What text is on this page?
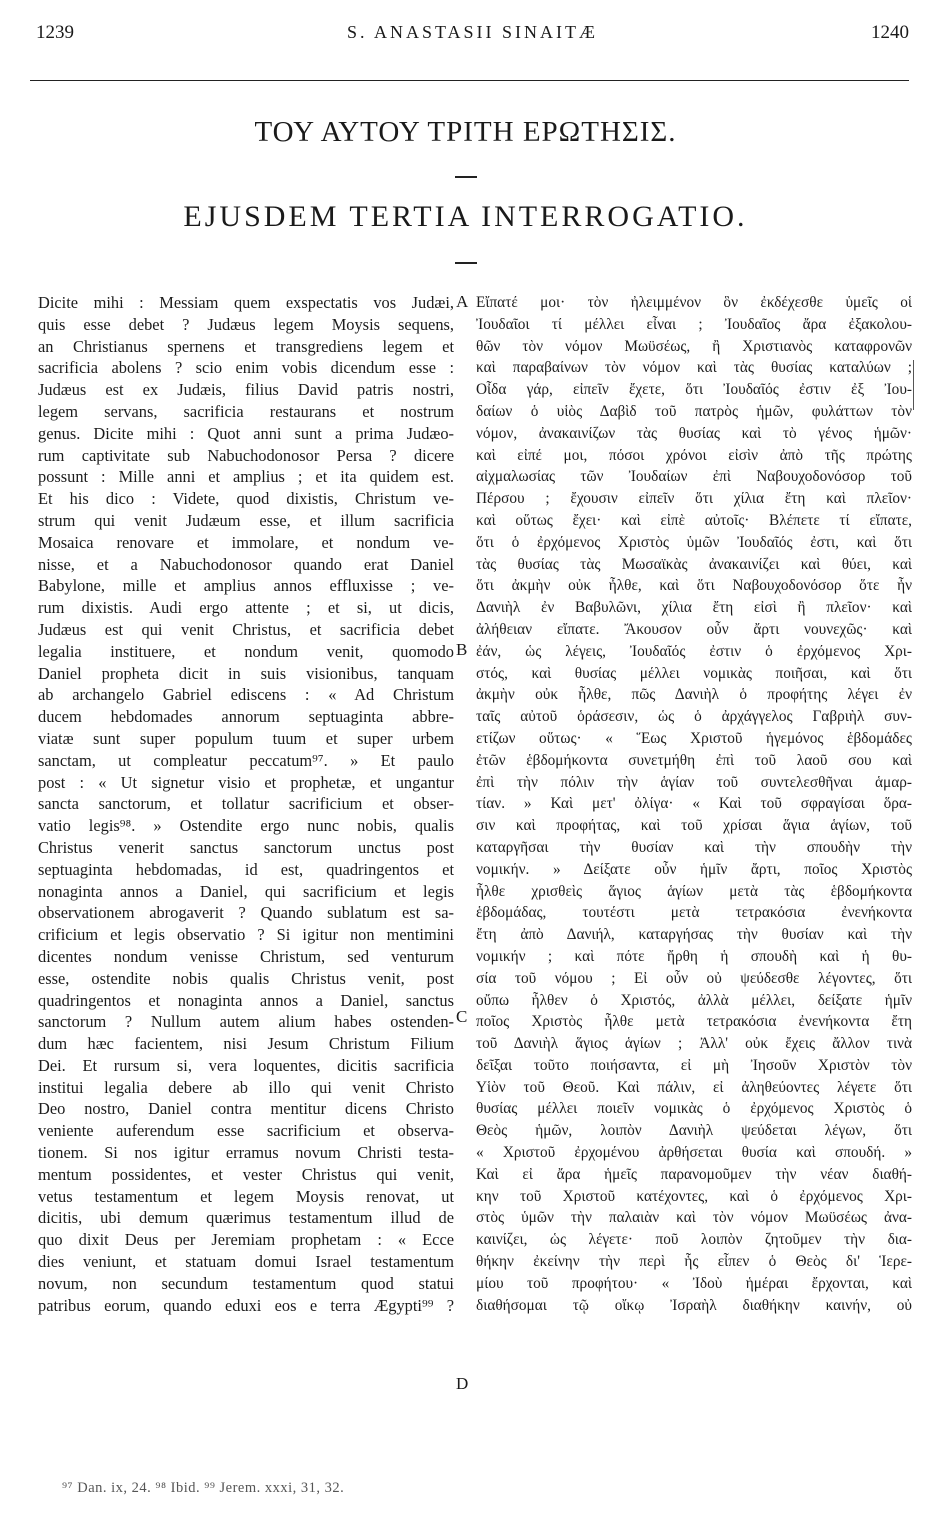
1239	S. ANASTASII SINAITÆ	1240
ΤΟΥ ΑΥΤΟΥ ΤΡΙΤΗ ΕΡΩΤΗΣΙΣ.
EJUSDEM TERTIA INTERROGATIO.
Dicite mihi : Messiam quem exspectatis vos Judæi,
quis esse debet ? Judæus legem Moysis sequens,
an Christianus spernens et transgrediens legem et
sacrificia abolens ? scio enim vobis dicendum esse :
Judæus est ex Judæis, filius David patris nostri,
legem servans, sacrificia restaurans et nostrum
genus. Dicite mihi : Quot anni sunt a prima Judæo-
rum captivitate sub Nabuchodonosor Persa ? dicere
possunt : Mille anni et amplius ; et ita quidem est.
Et his dico : Videte, quod dixistis, Christum ve-
strum qui venit Judæum esse, et illum sacrificia
Mosaica renovare et immolare, et nondum ve-
nisse, et a Nabuchodonosor quando erat Daniel
Babylone, mille et amplius annos effluxisse ; ve-
rum dixistis. Audi ergo attente ; et si, ut dicis,
Judæus est qui venit Christus, et sacrificia debet
legalia instituere, et nondum venit, quomodo
Daniel propheta dicit in suis visionibus, tanquam
ab archangelo Gabriel ediscens : « Ad Christum
ducem hebdomades annorum septuaginta abbre-
viatæ sunt super populum tuum et super urbem
sanctam, ut compleatur peccatum⁹⁷. » Et paulo
post : « Ut signetur visio et prophetæ, et ungantur
sancta sanctorum, et tollatur sacrificium et obser-
vatio legis⁹⁸. » Ostendite ergo nunc nobis, qualis
Christus venerit sanctus sanctorum unctus post
septuaginta hebdomadas, id est, quadringentos et
nonaginta annos a Daniel, qui sacrificium et legis
observationem abrogaverit ? Quando sublatum est sa-
crificium et legis observatio ? Si igitur non mentimini
dicentes nondum venisse Christum, sed venturum
esse, ostendite nobis qualis Christus venit, post
quadringentos et nonaginta annos a Daniel, sanctus
sanctorum ? Nullum autem alium habes ostenden-
dum hæc facientem, nisi Jesum Christum Filium
Dei. Et rursum si, vera loquentes, dicitis sacrificia
institui legalia debere ab illo qui venit Christo
Deo nostro, Daniel contra mentitur dicens Christo
veniente auferendum esse sacrificium et observa-
tionem. Si nos igitur erramus novum Christi testa-
mentum possidentes, et vester Christus qui venit,
vetus testamentum et legem Moysis renovat, ut
dicitis, ubi demum quærimus testamentum illud de
quo dixit Deus per Jeremiam prophetam : « Ecce
dies veniunt, et statuam domui Israel testamentum
novum, non secundum testamentum quod statui
patribus eorum, quando eduxi eos e terra Ægypti⁹⁹ ?
Εἴπατέ μοι· τὸν ἠλειμμένον ὃν ἐκδέχεσθε ὑμεῖς οἱ
Ἰουδαῖοι τί μέλλει εἶναι ; Ἰουδαῖος ἄρα ἐξακολου-
θῶν τὸν νόμον Μωϋσέως, ἢ Χριστιανὸς καταφρονῶν
καὶ παραβαίνων τὸν νόμον καὶ τὰς θυσίας καταλύων ;
Οἶδα γάρ, εἰπεῖν ἔχετε, ὅτι Ἰουδαῖός ἐστιν ἐξ Ἰου-
δαίων ὁ υἱὸς Δαβὶδ τοῦ πατρὸς ἡμῶν, φυλάττων τὸν
νόμον, ἀνακαινίζων τὰς θυσίας καὶ τὸ γένος ἡμῶν·
καὶ εἰπέ μοι, πόσοι χρόνοι εἰσὶν ἀπὸ τῆς πρώτης
αἰχμαλωσίας τῶν Ἰουδαίων ἐπὶ Ναβουχοδονόσορ τοῦ
Πέρσου ; ἔχουσιν εἰπεῖν ὅτι χίλια ἔτη καὶ πλεῖον·
καὶ οὕτως ἔχει· καὶ εἰπὲ αὐτοῖς· Βλέπετε τί εἴπατε,
ὅτι ὁ ἐρχόμενος Χριστὸς ὑμῶν Ἰουδαῖός ἐστι, καὶ ὅτι
τὰς θυσίας τὰς Μωσαϊκὰς ἀνακαινίζει καὶ θύει, καὶ
ὅτι ἀκμὴν οὐκ ἦλθε, καὶ ὅτι Ναβουχοδονόσορ ὅτε ἦν
Δανιὴλ ἐν Βαβυλῶνι, χίλια ἔτη εἰσὶ ἢ πλεῖον· καὶ
ἀλήθειαν εἴπατε. Ἄκουσον οὖν ἄρτι νουνεχῶς· καὶ
ἐάν, ὡς λέγεις, Ἰουδαῖός ἐστιν ὁ ἐρχόμενος Χρι-
στός, καὶ θυσίας μέλλει νομικὰς ποιῆσαι, καὶ ὅτι
ἀκμὴν οὐκ ἦλθε, πῶς Δανιὴλ ὁ προφήτης λέγει ἐν
ταῖς αὐτοῦ ὁράσεσιν, ὡς ὁ ἀρχάγγελος Γαβριὴλ συν-
ετίζων οὕτως· « Ἕως Χριστοῦ ἡγεμόνος ἑβδομάδες
ἐτῶν ἑβδομήκοντα συνετμήθη ἐπὶ τοῦ λαοῦ σου καὶ
ἐπὶ τὴν πόλιν τὴν ἁγίαν τοῦ συντελεσθῆναι ἁμαρ-
τίαν. » Καὶ μετ' ὀλίγα· « Καὶ τοῦ σφραγίσαι ὅρα-
σιν καὶ προφήτας, καὶ τοῦ χρίσαι ἅγια ἁγίων, τοῦ
καταργῆσαι τὴν θυσίαν καὶ τὴν σπουδὴν τὴν
νομικήν. » Δείξατε οὖν ἡμῖν ἄρτι, ποῖος Χριστὸς
ἦλθε χρισθεὶς ἅγιος ἁγίων μετὰ τὰς ἑβδομήκοντα
ἑβδομάδας, τουτέστι μετὰ τετρακόσια ἐνενήκοντα
ἔτη ἀπὸ Δανιήλ, καταργήσας τὴν θυσίαν καὶ τὴν
νομικήν ; καὶ πότε ἤρθη ἡ σπουδὴ καὶ ἡ θυ-
σία τοῦ νόμου ; Εἰ οὖν οὐ ψεύδεσθε λέγοντες, ὅτι
οὔπω ἦλθεν ὁ Χριστός, ἀλλὰ μέλλει, δείξατε ἡμῖν
ποῖος Χριστὸς ἦλθε μετὰ τετρακόσια ἐνενήκοντα ἔτη
τοῦ Δανιὴλ ἅγιος ἁγίων ; Ἀλλ' οὐκ ἔχεις ἄλλον τινὰ
δεῖξαι τοῦτο ποιήσαντα, εἰ μὴ Ἰησοῦν Χριστὸν τὸν
Υἱὸν τοῦ Θεοῦ. Καὶ πάλιν, εἰ ἀληθεύοντες λέγετε ὅτι
θυσίας μέλλει ποιεῖν νομικὰς ὁ ἐρχόμενος Χριστὸς ὁ
Θεὸς ἡμῶν, λοιπὸν Δανιὴλ ψεύδεται λέγων, ὅτι
« Χριστοῦ ἐρχομένου ἀρθήσεται θυσία καὶ σπουδή. »
Καὶ εἰ ἄρα ἡμεῖς παρανομοῦμεν τὴν νέαν διαθή-
κην τοῦ Χριστοῦ κατέχοντες, καὶ ὁ ἐρχόμενος Χρι-
στὸς ὑμῶν τὴν παλαιὰν καὶ τὸν νόμον Μωϋσέως ἀνα-
καινίζει, ὡς λέγετε· ποῦ λοιπὸν ζητοῦμεν τὴν δια-
θήκην ἐκείνην τὴν περὶ ἧς εἶπεν ὁ Θεὸς δι' Ἱερε-
μίου τοῦ προφήτου· « Ἰδοὺ ἡμέραι ἔρχονται, καὶ
διαθήσομαι τῷ οἴκῳ Ἰσραὴλ διαθήκην καινήν, οὐ
A
B
C
D
⁹⁷ Dan. ix, 24. ⁹⁸ Ibid. ⁹⁹ Jerem. xxxi, 31, 32.
